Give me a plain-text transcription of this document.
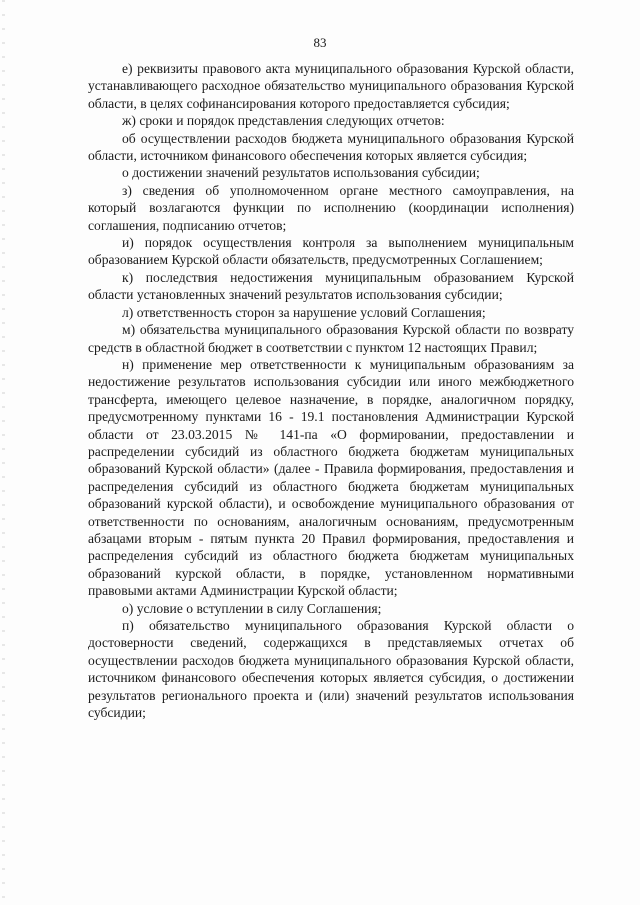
83

е) реквизиты правового акта муниципального образования Курской области, устанавливающего расходное обязательство муниципального образования Курской области, в целях софинансирования которого предоставляется субсидия;

ж) сроки и порядок представления следующих отчетов:

об осуществлении расходов бюджета муниципального образования Курской области, источником финансового обеспечения которых является субсидия;

о достижении значений результатов использования субсидии;

з) сведения об уполномоченном органе местного самоуправления, на который возлагаются функции по исполнению (координации исполнения) соглашения, подписанию отчетов;

и) порядок осуществления контроля за выполнением муниципальным образованием Курской области обязательств, предусмотренных Соглашением;

к) последствия недостижения муниципальным образованием Курской области установленных значений результатов использования субсидии;

л) ответственность сторон за нарушение условий Соглашения;

м) обязательства муниципального образования Курской области по возврату средств в областной бюджет в соответствии с пунктом 12 настоящих Правил;

н) применение мер ответственности к муниципальным образованиям за недостижение результатов использования субсидии или иного межбюджетного трансферта, имеющего целевое назначение, в порядке, аналогичном порядку, предусмотренному пунктами 16 - 19.1 постановления Администрации Курской области от 23.03.2015 № 141-па «О формировании, предоставлении и распределении субсидий из областного бюджета бюджетам муниципальных образований Курской области» (далее - Правила формирования, предоставления и распределения субсидий из областного бюджета бюджетам муниципальных образований курской области), и освобождение муниципального образования от ответственности по основаниям, аналогичным основаниям, предусмотренным абзацами вторым - пятым пункта 20 Правил формирования, предоставления и распределения субсидий из областного бюджета бюджетам муниципальных образований курской области, в порядке, установленном нормативными правовыми актами Администрации Курской области;

о) условие о вступлении в силу Соглашения;

п) обязательство муниципального образования Курской области о достоверности сведений, содержащихся в представляемых отчетах об осуществлении расходов бюджета муниципального образования Курской области, источником финансового обеспечения которых является субсидия, о достижении результатов регионального проекта и (или) значений результатов использования субсидии;
